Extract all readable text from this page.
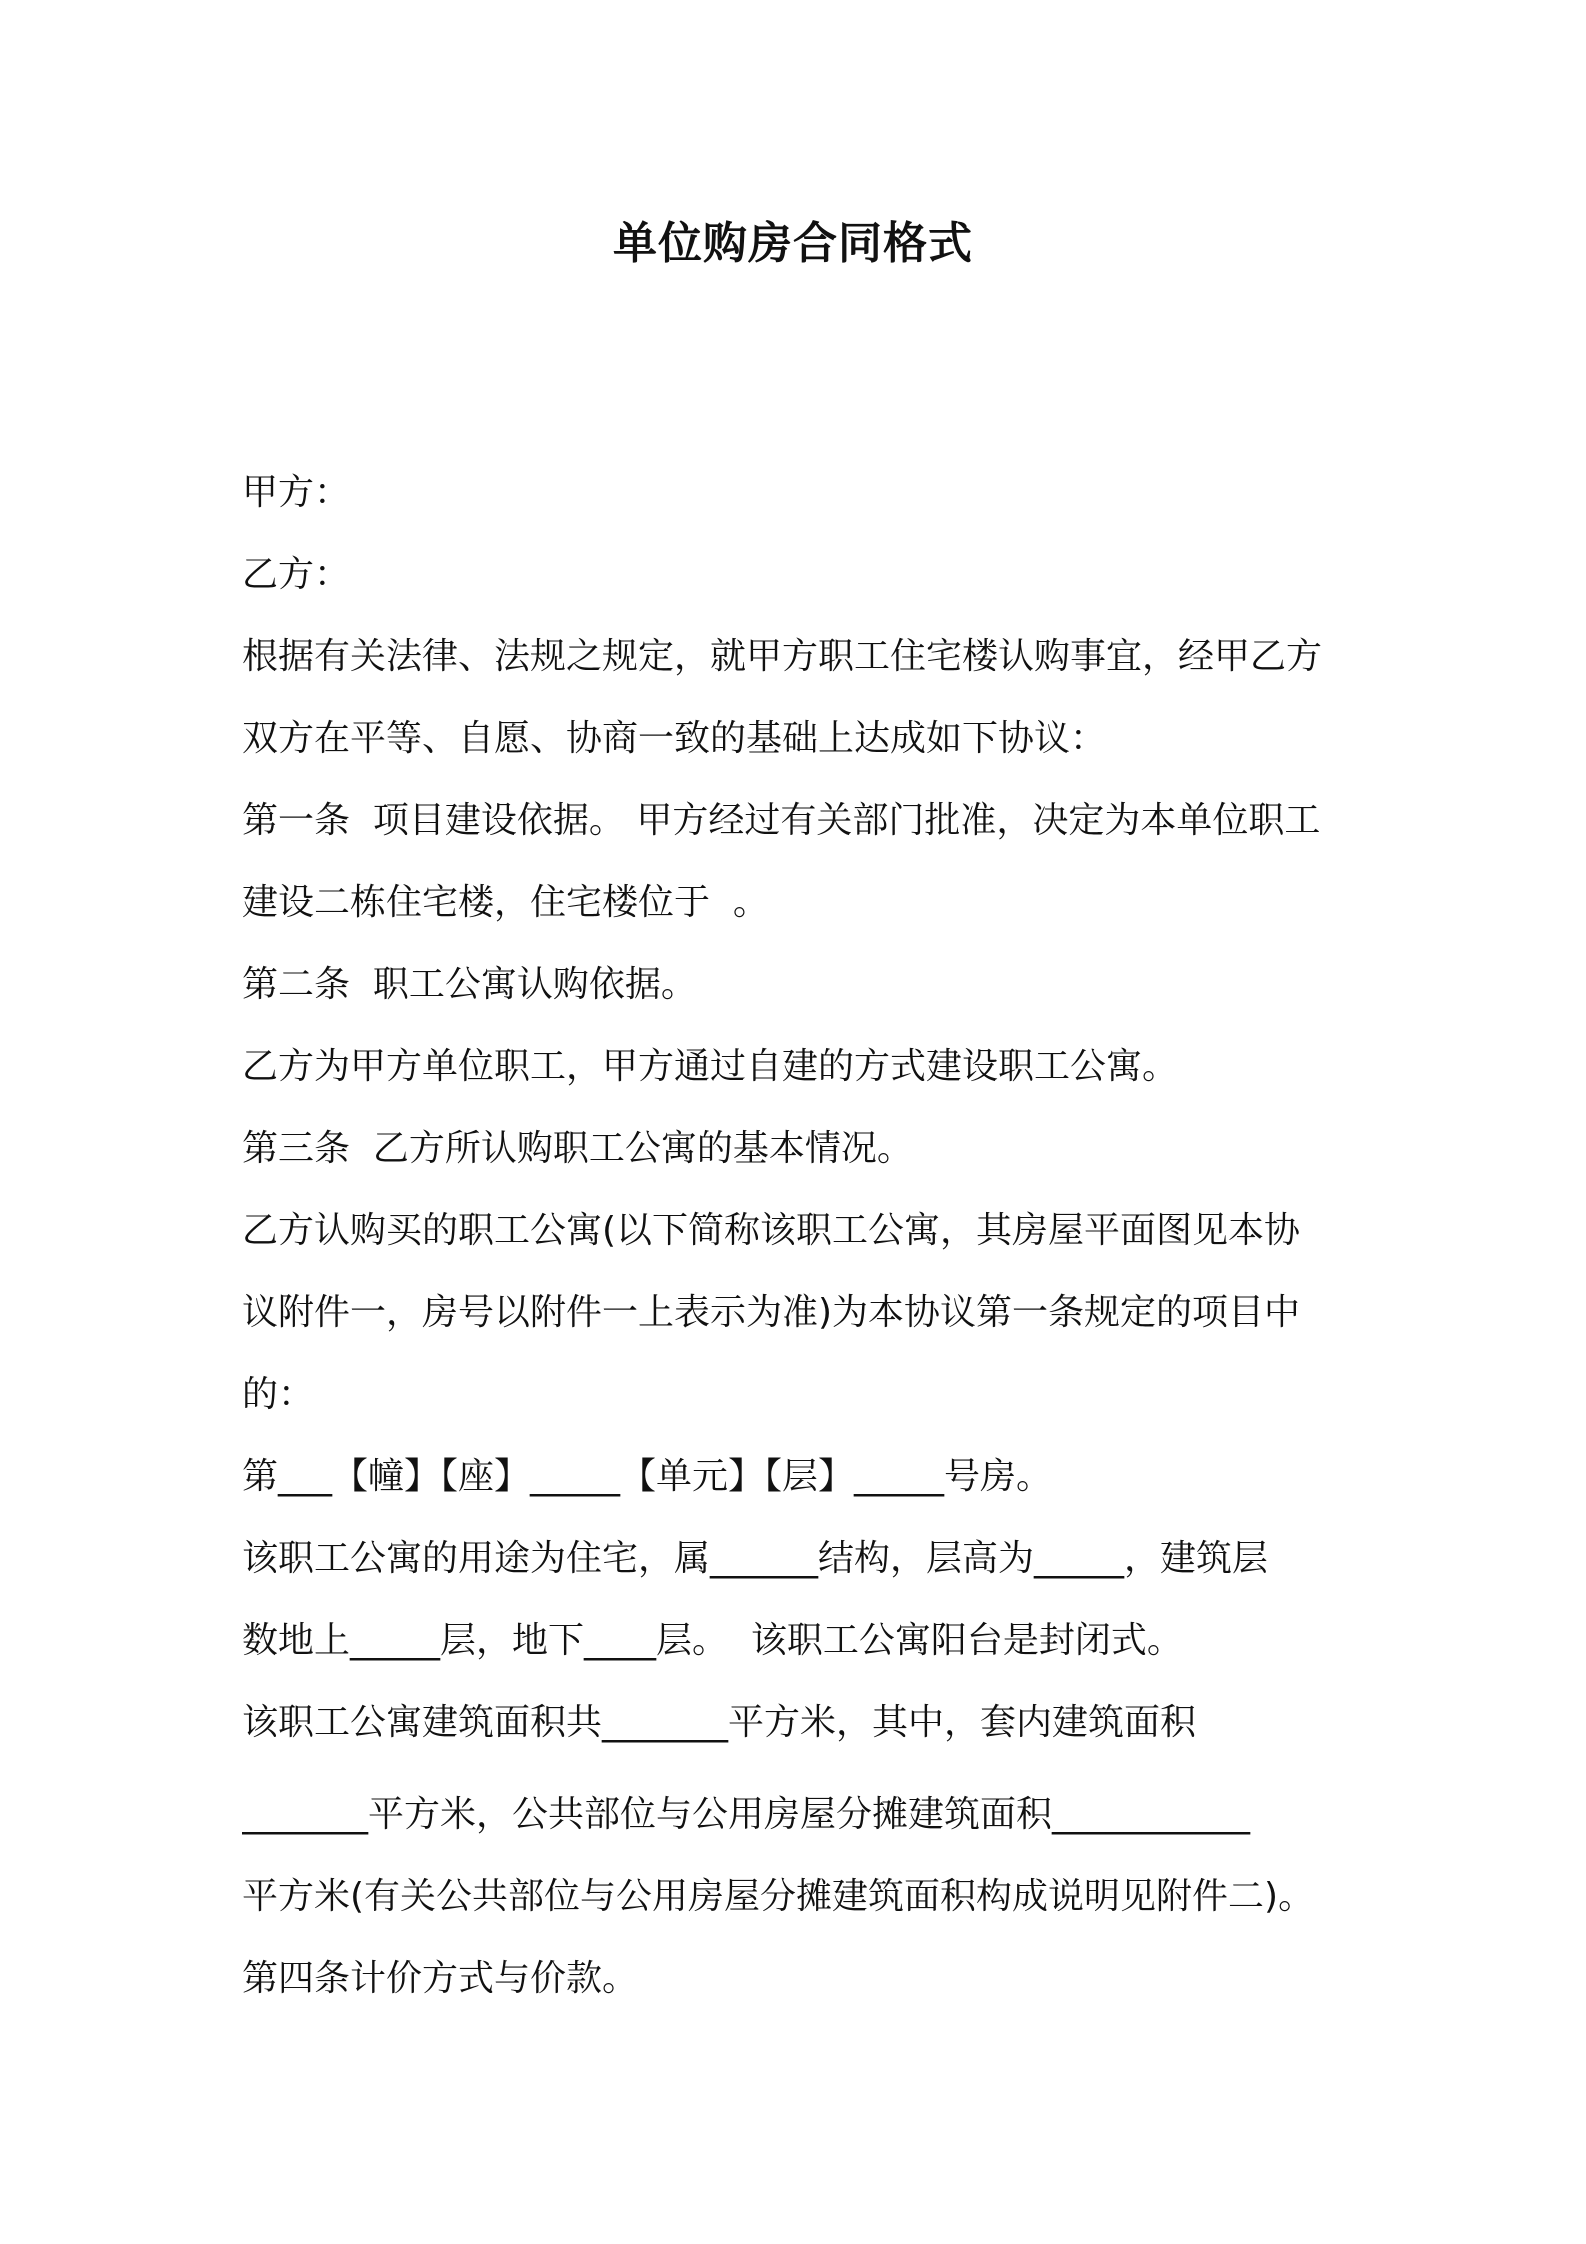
单位购房合同格式
甲方：
乙方：
根据有关法律、法规之规定，就甲方职工住宅楼认购事宜，经甲乙方
双方在平等、自愿、协商一致的基础上达成如下协议：
第一条  项目建设依据。 甲方经过有关部门批准，决定为本单位职工
建设二栋住宅楼，住宅楼位于  。
第二条  职工公寓认购依据。
乙方为甲方单位职工，甲方通过自建的方式建设职工公寓。
第三条  乙方所认购职工公寓的基本情况。
乙方认购买的职工公寓(以下简称该职工公寓，其房屋平面图见本协
议附件一，房号以附件一上表示为准)为本协议第一条规定的项目中
的：
第___【幢】【座】_____【单元】【层】_____号房。
该职工公寓的用途为住宅，属______结构，层高为_____，建筑层
数地上_____层，地下____层。  该职工公寓阳台是封闭式。
该职工公寓建筑面积共_______平方米，其中，套内建筑面积
_______平方米，公共部位与公用房屋分摊建筑面积___________
平方米(有关公共部位与公用房屋分摊建筑面积构成说明见附件二)。
第四条计价方式与价款。
